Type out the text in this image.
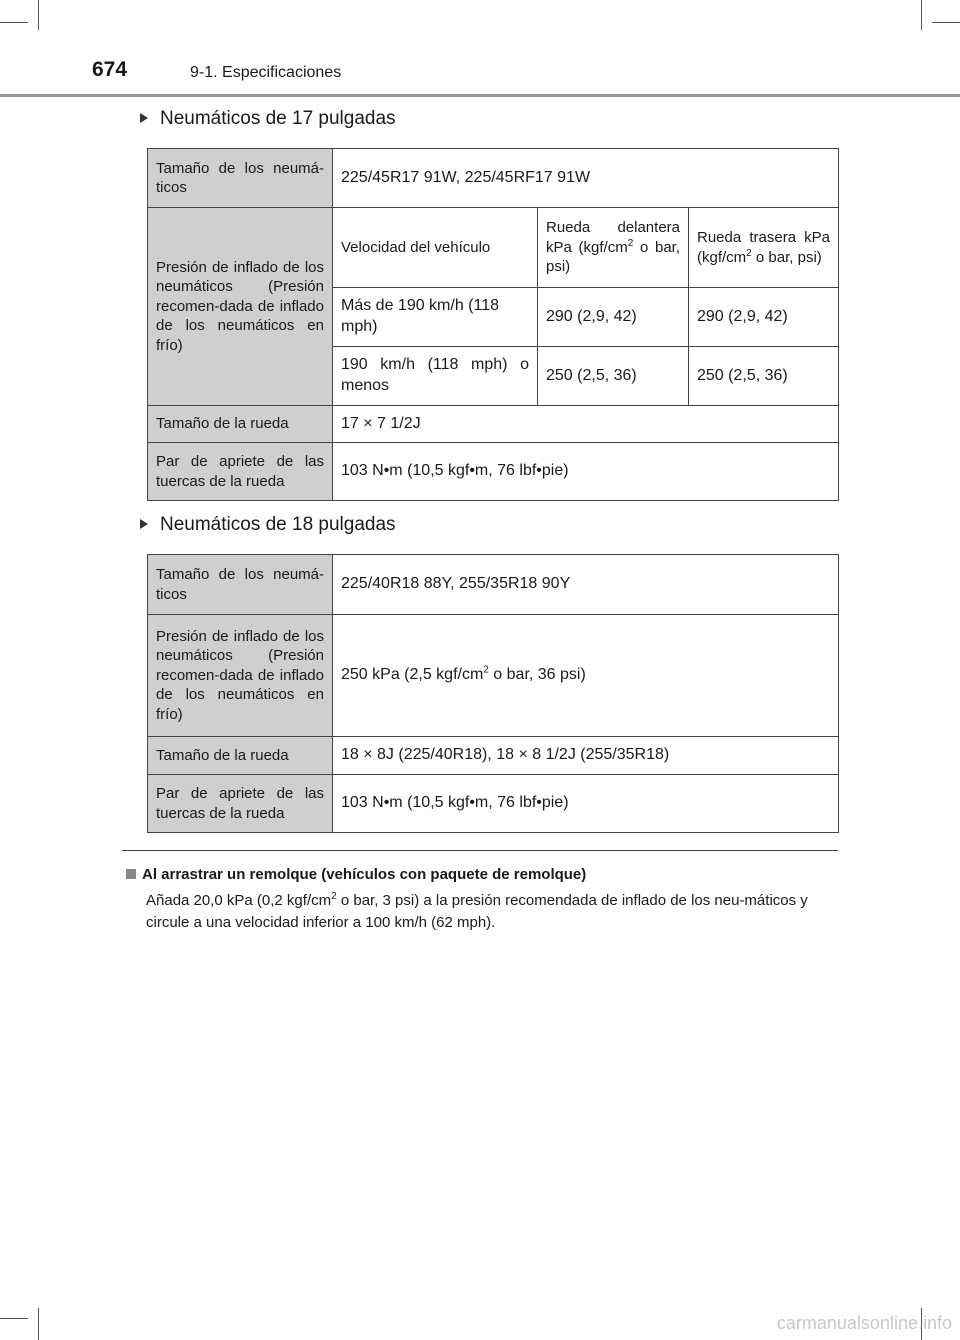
674	9-1. Especificaciones
Neumáticos de 17 pulgadas
Tamaño de los neumá-ticos	225/45R17 91W, 225/45RF17 91W		
Presión de inflado de los neumáticos (Presión recomen-dada de inflado de los neumáticos en frío)	Velocidad del vehículo	Rueda delantera kPa ($kgf/cm^2$ o bar, psi)	Rueda trasera kPa ($kgf/cm^2$ o bar, psi)
	Más de 190 km/h (118 mph)	290 (2,9, 42)	290 (2,9, 42)
	190 km/h (118 mph) o menos	250 (2,5, 36)	250 (2,5, 36)
Tamaño de la rueda	17 × 7 1/2J		
Par de apriete de las tuercas de la rueda	103 N•m (10,5 kgf•m, 76 lbf•pie)		
Neumáticos de 18 pulgadas
Tamaño de los neumá-ticos	225/40R18 88Y, 255/35R18 90Y
Presión de inflado de los neumáticos (Presión recomen-dada de inflado de los neumáticos en frío)	250 kPa (2,5 kgf/$cm^2$ o bar, 36 psi)
Tamaño de la rueda	18 × 8J (225/40R18), 18 × 8 1/2J (255/35R18)
Par de apriete de las tuercas de la rueda	103 N•m (10,5 kgf•m, 76 lbf•pie)
Al arrastrar un remolque (vehículos con paquete de remolque)
Añada 20,0 kPa (0,2 kgf/$cm^2$ o bar, 3 psi) a la presión recomendada de inflado de los neu-máticos y circule a una velocidad inferior a 100 km/h (62 mph).
carmanualsonline.info
